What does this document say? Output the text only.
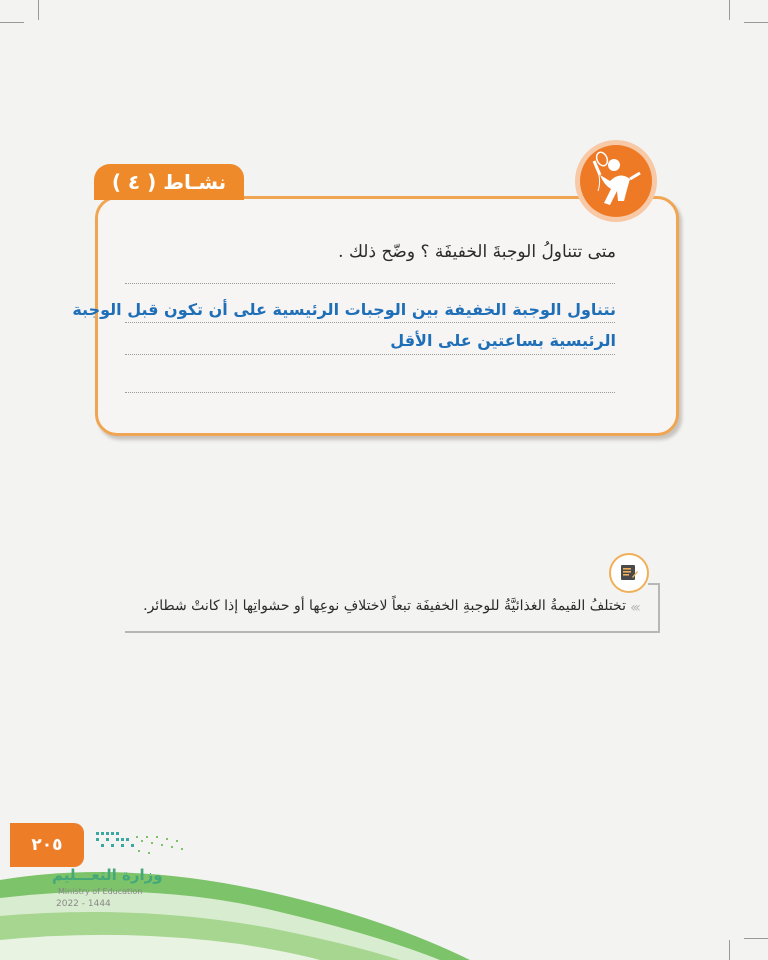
نشـاط ( ٤ )
متى تتناولُ الوجبةَ الخفيفَة ؟ وضّح ذلك .
نتناول الوجبة الخفيفة بين الوجبات الرئيسية على أن تكون قبل الوجبة
الرئيسية بساعتين على الأقل
‹‹‹
تختلفُ القيمةُ الغذائيَّةُ للوجبةِ الخفيفَة تبعاً لاختلافِ نوعِها أو حشواتِها إذا كانتْ شطائر.
٢٠٥
وزارة التعـــليم
Ministry of Education
2022 - 1444
